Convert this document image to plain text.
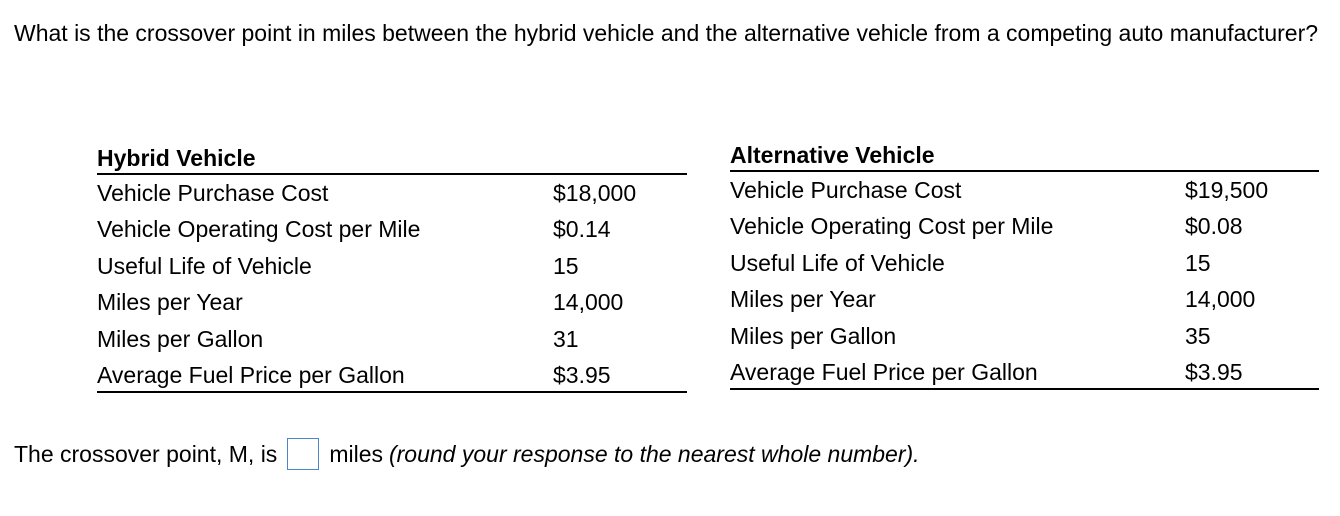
What is the crossover point in miles between the hybrid vehicle and the alternative vehicle from a competing auto manufacturer?
Hybrid Vehicle
Vehicle Purchase Cost	$18,000
Vehicle Operating Cost per Mile	$0.14
Useful Life of Vehicle	15
Miles per Year	14,000
Miles per Gallon	31
Average Fuel Price per Gallon	$3.95
Alternative Vehicle
Vehicle Purchase Cost	$19,500
Vehicle Operating Cost per Mile	$0.08
Useful Life of Vehicle	15
Miles per Year	14,000
Miles per Gallon	35
Average Fuel Price per Gallon	$3.95
The crossover point, M, is miles (round your response to the nearest whole number).
